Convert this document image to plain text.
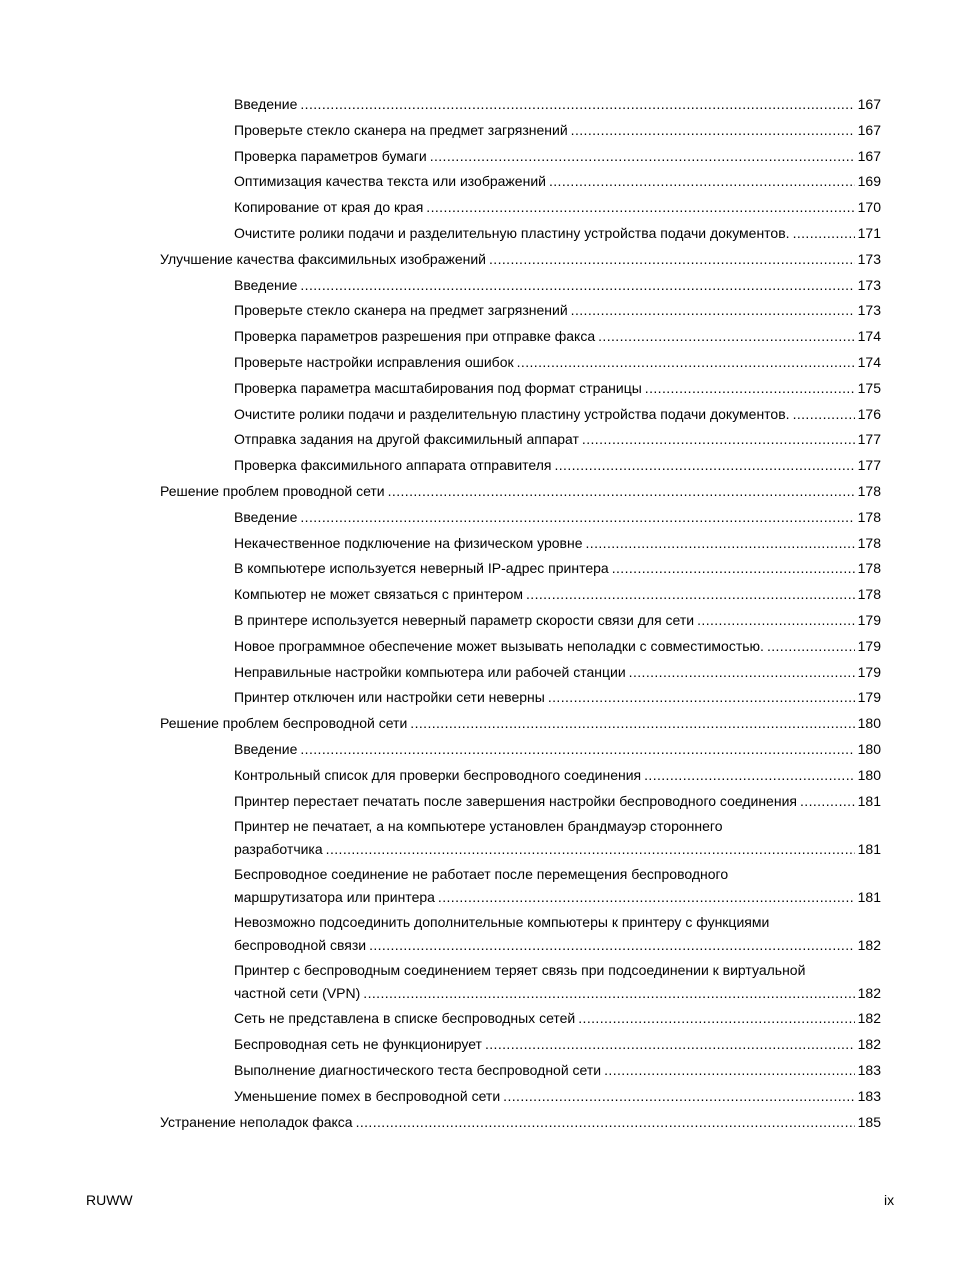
Введение .....	167
Проверьте стекло сканера на предмет загрязнений .....	167
Проверка параметров бумаги .....	167
Оптимизация качества текста или изображений .....	169
Копирование от края до края .....	170
Очистите ролики подачи и разделительную пластину устройства подачи документов. .....	171
Улучшение качества факсимильных изображений .....	173
Введение .....	173
Проверьте стекло сканера на предмет загрязнений .....	173
Проверка параметров разрешения при отправке факса .....	174
Проверьте настройки исправления ошибок .....	174
Проверка параметра масштабирования под формат страницы .....	175
Очистите ролики подачи и разделительную пластину устройства подачи документов. .....	176
Отправка задания на другой факсимильный аппарат .....	177
Проверка факсимильного аппарата отправителя .....	177
Решение проблем проводной сети .....	178
Введение .....	178
Некачественное подключение на физическом уровне .....	178
В компьютере используется неверный IP-адрес принтера .....	178
Компьютер не может связаться с принтером .....	178
В принтере используется неверный параметр скорости связи для сети .....	179
Новое программное обеспечение может вызывать неполадки с совместимостью. .....	179
Неправильные настройки компьютера или рабочей станции .....	179
Принтер отключен или настройки сети неверны .....	179
Решение проблем беспроводной сети .....	180
Введение .....	180
Контрольный список для проверки беспроводного соединения .....	180
Принтер перестает печатать после завершения настройки беспроводного соединения .....	181
Принтер не печатает, а на компьютере установлен брандмауэр стороннего
разработчика .....	181
Беспроводное соединение не работает после перемещения беспроводного
маршрутизатора или принтера .....	181
Невозможно подсоединить дополнительные компьютеры к принтеру с функциями
беспроводной связи .....	182
Принтер с беспроводным соединением теряет связь при подсоединении к виртуальной
частной сети (VPN) .....	182
Сеть не представлена в списке беспроводных сетей .....	182
Беспроводная сеть не функционирует .....	182
Выполнение диагностического теста беспроводной сети .....	183
Уменьшение помех в беспроводной сети .....	183
Устранение неполадок факса .....	185
RUWW	ix
